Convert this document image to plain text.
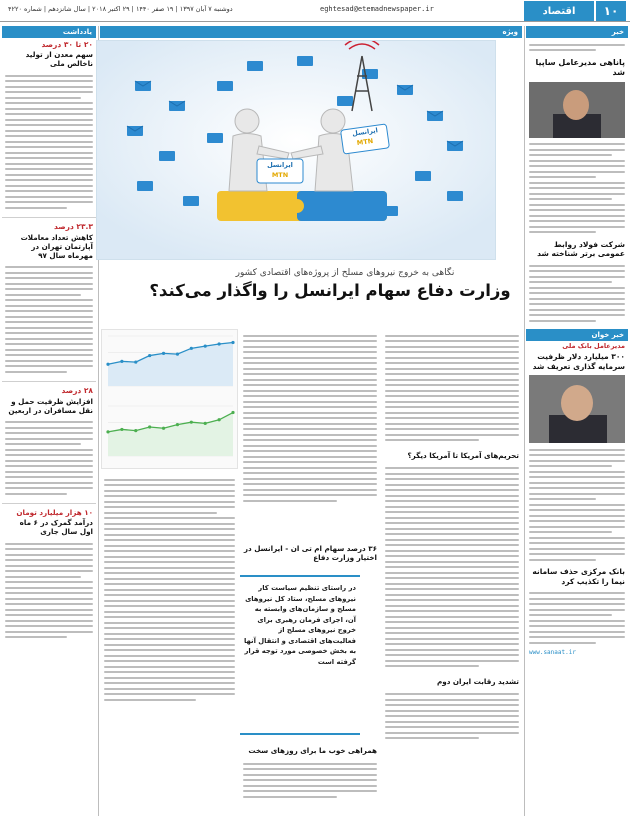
۱۰
اقتصاد
eghtesad@etemadnewspaper.ir
دوشنبه ۷ آبان ۱۳۹۷ | ۱۹ صفر ۱۴۴۰ | ۲۹ اکتبر ۲۰۱۸ | سال شانزدهم | شماره ۴۲۲۰
خبر
پاناهی مدیرعامل ساپیا شد
شرکت فولاد روابط عمومی برتر شناخته شد
خبر خوان
مدیرعامل بانک ملی
۳۰۰ میلیارد دلار ظرفیت سرمایه گذاری تعریف شد
بانک مرکزی حذف سامانه نیما را تکذیب کرد
www.sanaat.ir
یادداشت
۲۰ تا ۳۰ درصد
سهم معدن از تولید ناخالص ملی
۲۳.۳ درصد
کاهش تعداد معاملات آپارتمان تهران در مهرماه سال ۹۷
۲۸ درصد
افزایش ظرفیت حمل و نقل مسافران در اربعین
۱۰ هزار میلیارد تومان
درآمد گمرک در ۶ ماه اول سال جاری
ویژه
ایرانسل
MTN
ایرانسل
MTN
نگاهی به خروج نیروهای مسلح از پروژه‌های اقتصادی کشور
وزارت دفاع سهام ایرانسل را واگذار می‌کند؟
تحریم‌های آمریکا تا آمریکا دیگر؟
تشدید رقابت ایران دوم
۳۶ درصد سهام ام تی ان - ایرانسل در اختیار وزارت دفاع
در راستای تنظیم سیاست کار نیروهای مسلح، ستاد کل نیروهای مسلح و سازمان‌های وابسته به آن، اجرای فرمان رهبری برای خروج نیروهای مسلح از فعالیت‌های اقتصادی و انتقال آنها به بخش خصوصی مورد توجه قرار گرفته است
همراهی خوب ما برای روزهای سخت
